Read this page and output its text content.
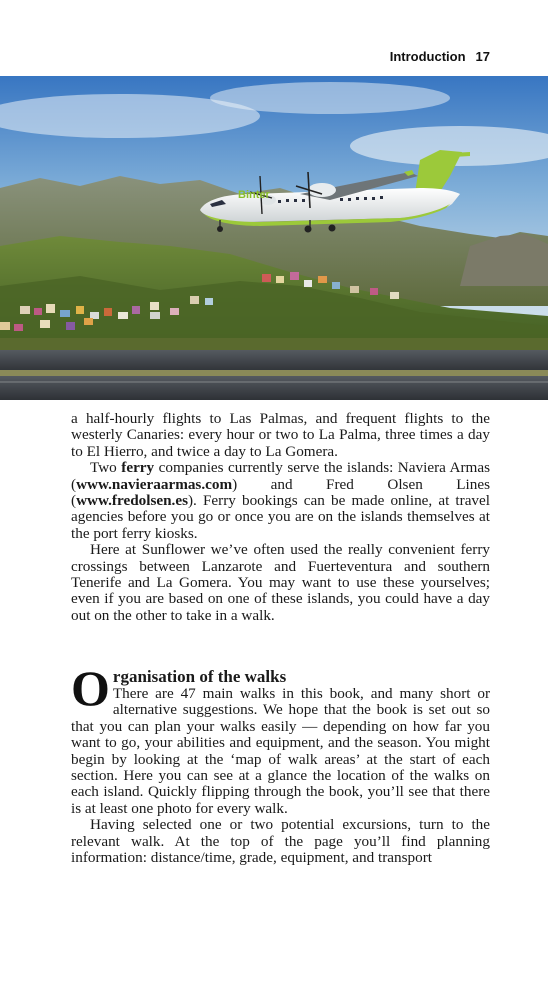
Introduction 17
Binter

a half-hourly flights to Las Palmas, and frequent flights to the westerly Canaries: every hour or two to La Palma, three times a day to El Hierro, and twice a day to La Gomera.

Two ferry companies currently serve the islands: Naviera Armas (www.navieraarmas.com) and Fred Olsen Lines (www.fredolsen.es). Ferry bookings can be made online, at travel agencies before you go or once you are on the islands themselves at the port ferry kiosks.

Here at Sunflower we’ve often used the really convenient ferry crossings between Lanzarote and Fuerteventura and southern Tenerife and La Gomera. You may want to use these yourselves; even if you are based on one of these islands, you could have a day out on the other to take in a walk.

O rganisation of the walks

There are 47 main walks in this book, and many short or alternative suggestions. We hope that the book is set out so that you can plan your walks easily — depending on how far you want to go, your abilities and equipment, and the season. You might begin by looking at the ‘map of walk areas’ at the start of each section. Here you can see at a glance the location of the walks on each island. Quickly flipping through the book, you’ll see that there is at least one photo for every walk.

Having selected one or two potential excursions, turn to the relevant walk. At the top of the page you’ll find planning information: distance/time, grade, equipment, and transport
